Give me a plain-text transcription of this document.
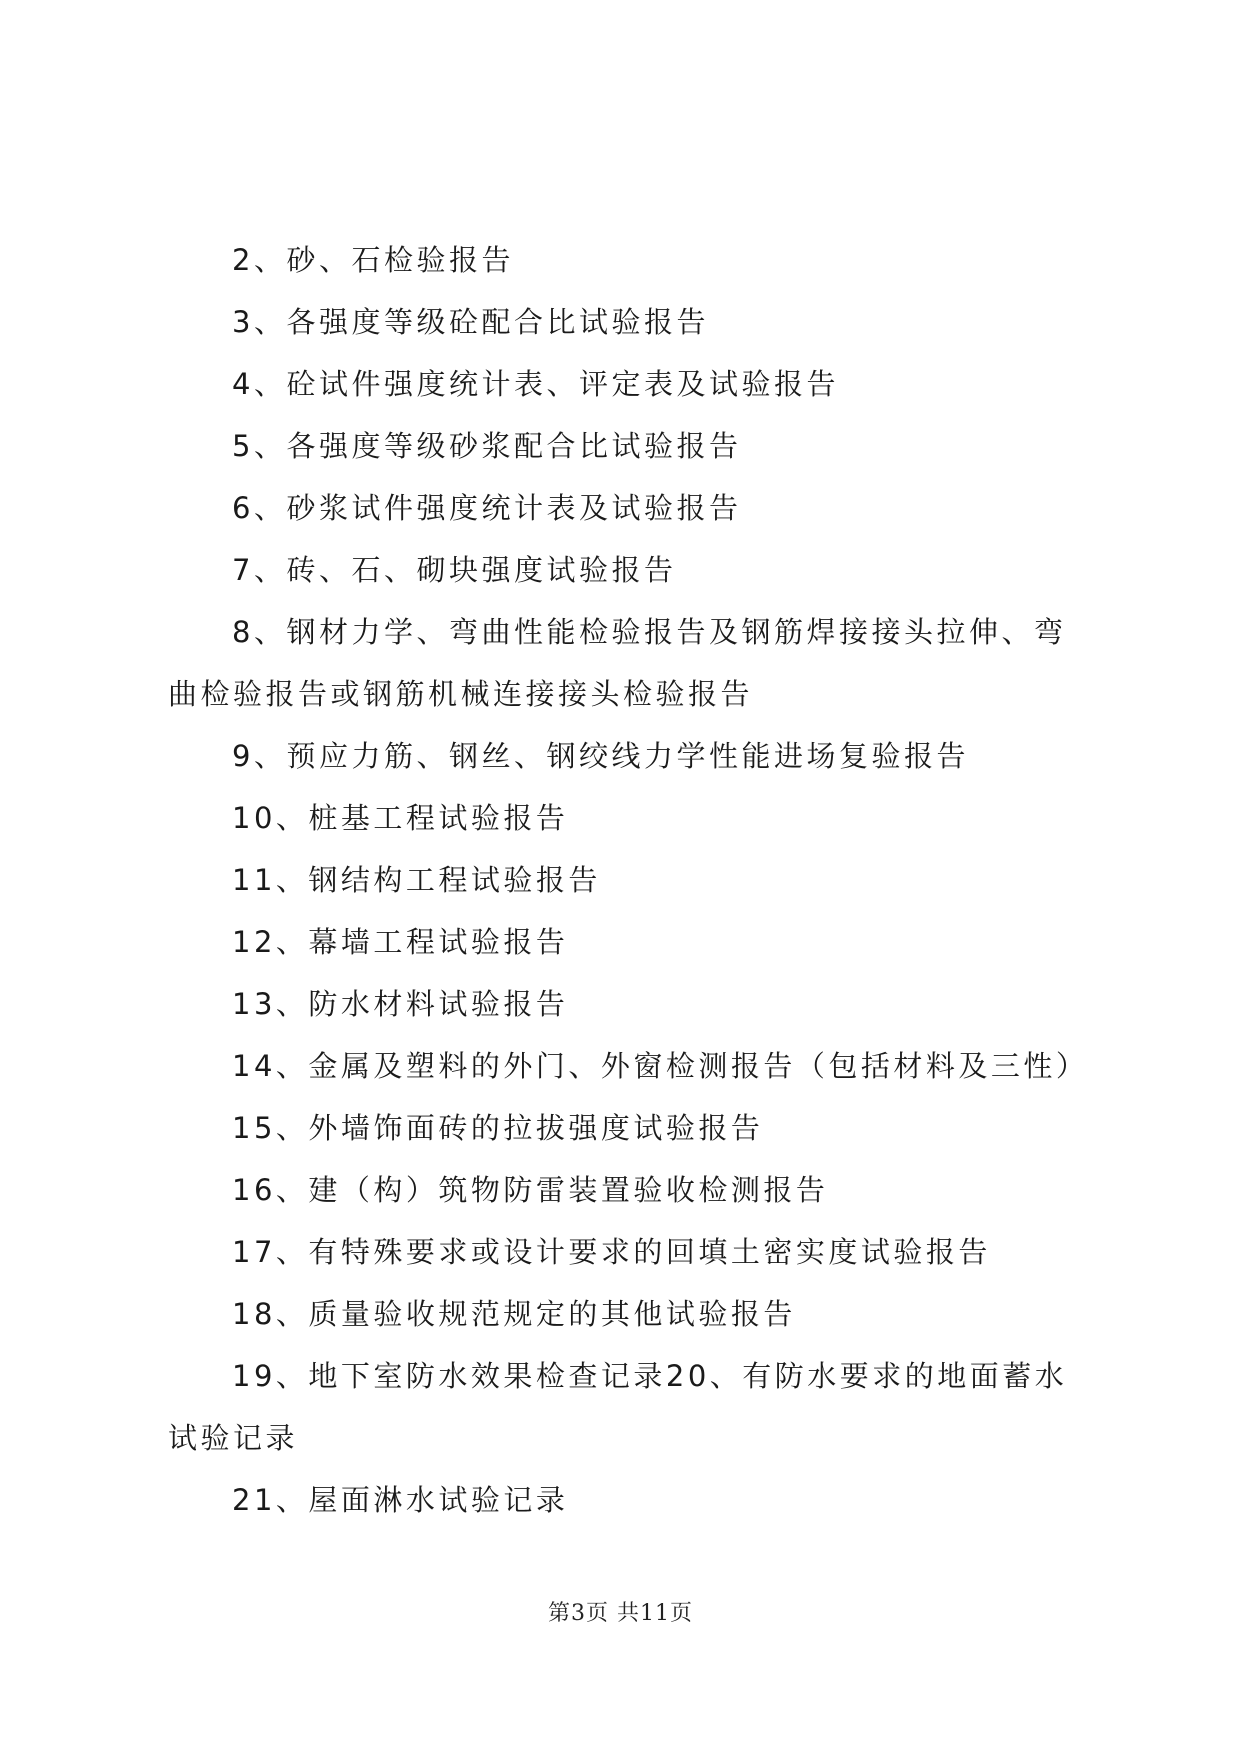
2、砂、石检验报告

3、各强度等级砼配合比试验报告

4、砼试件强度统计表、评定表及试验报告

5、各强度等级砂浆配合比试验报告

6、砂浆试件强度统计表及试验报告

7、砖、石、砌块强度试验报告

8、钢材力学、弯曲性能检验报告及钢筋焊接接头拉伸、弯曲检验报告或钢筋机械连接接头检验报告

9、预应力筋、钢丝、钢绞线力学性能进场复验报告

10、桩基工程试验报告

11、钢结构工程试验报告

12、幕墙工程试验报告

13、防水材料试验报告

14、金属及塑料的外门、外窗检测报告（包括材料及三性）

15、外墙饰面砖的拉拔强度试验报告

16、建（构）筑物防雷装置验收检测报告

17、有特殊要求或设计要求的回填土密实度试验报告

18、质量验收规范规定的其他试验报告

19、地下室防水效果检查记录20、有防水要求的地面蓄水试验记录

21、屋面淋水试验记录

第3页 共11页
